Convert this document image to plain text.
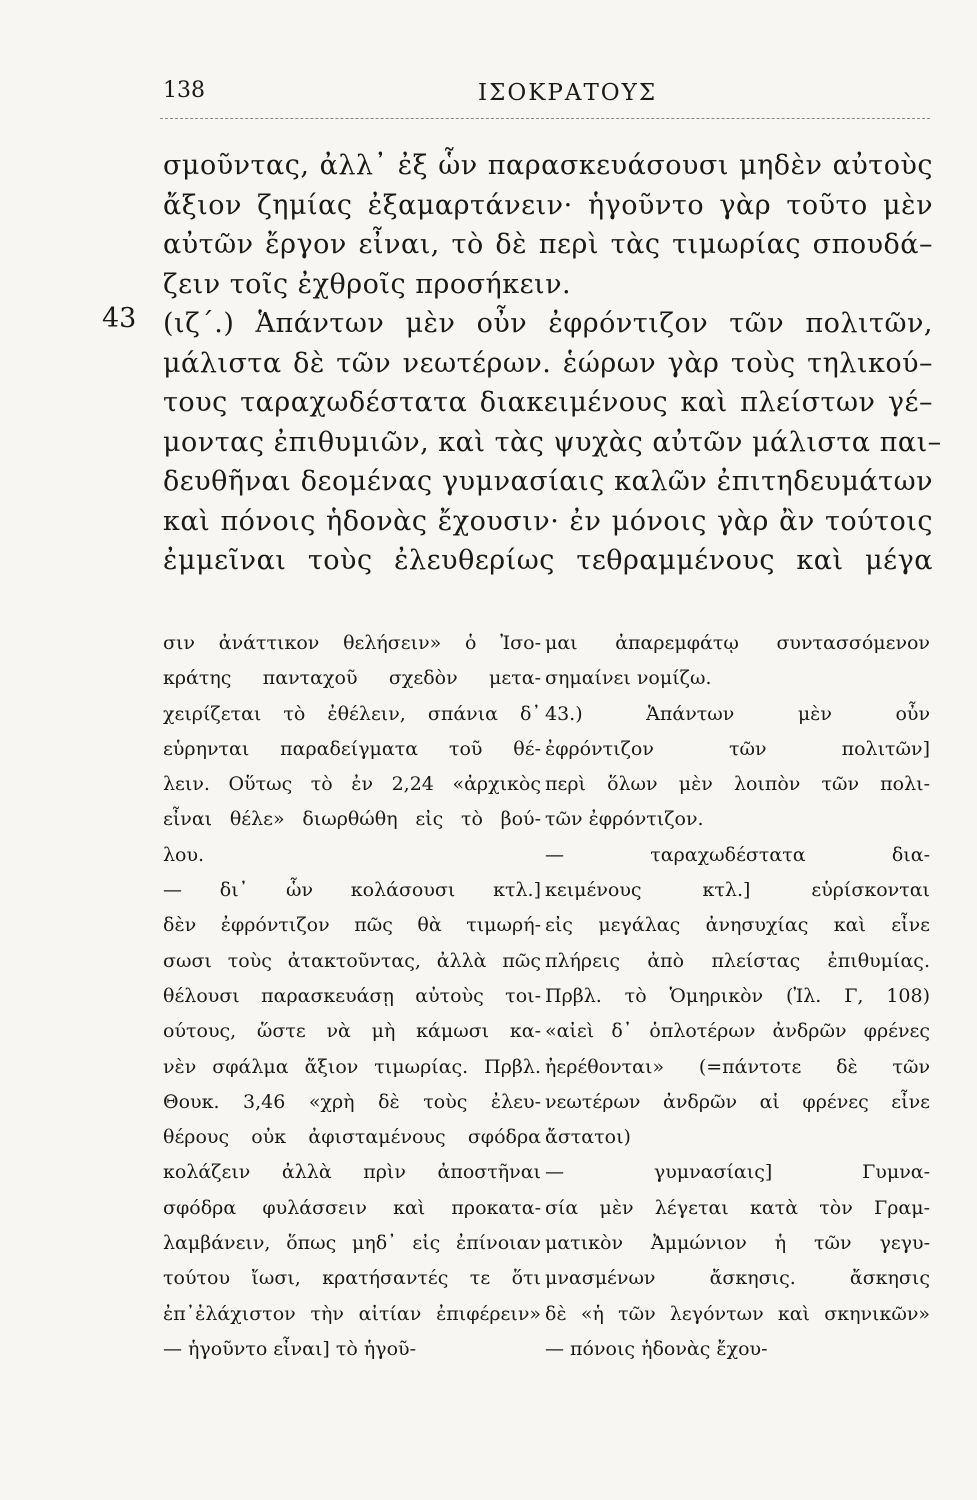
138	ΙΣΟΚΡΑΤΟΥΣ
43
σμοῦντας, ἀλλ᾽ ἐξ ὧν παρασκευάσουσι μηδὲν αὐτοὺς
ἄξιον ζημίας ἐξαμαρτάνειν· ἡγοῦντο γὰρ τοῦτο μὲν
αὐτῶν ἔργον εἶναι, τὸ δὲ περὶ τὰς τιμωρίας σπουδά–
ζειν τοῖς ἐχθροῖς προσήκειν.
(ιζ΄.) Ἁπάντων μὲν οὖν ἐφρόντιζον τῶν πολιτῶν,
μάλιστα δὲ τῶν νεωτέρων. ἑώρων γὰρ τοὺς τηλικού–
τους ταραχωδέστατα διακειμένους καὶ πλείστων γέ–
μοντας ἐπιθυμιῶν, καὶ τὰς ψυχὰς αὐτῶν μάλιστα παι–
δευθῆναι δεομένας γυμνασίαις καλῶν ἐπιτηδευμάτων
καὶ πόνοις ἡδονὰς ἔχουσιν· ἐν μόνοις γὰρ ἂν τούτοις
ἐμμεῖναι τοὺς ἐλευθερίως τεθραμμένους καὶ μέγα
σιν ἀνάττικον θελήσειν» ὁ Ἰσο-
κράτης πανταχοῦ σχεδὸν μετα-
χειρίζεται τὸ ἐθέλειν, σπάνια δ᾽
εὑρηνται παραδείγματα τοῦ θέ-
λειν. Οὕτως τὸ ἐν 2,24 «ἀρχικὸς
εἶναι θέλε» διωρθώθη εἰς τὸ βού-
λου.
— δι᾽ ὧν κολάσουσι κτλ.]
δὲν ἐφρόντιζον πῶς θὰ τιμωρή-
σωσι τοὺς ἀτακτοῦντας, ἀλλὰ πῶς
θέλουσι παρασκευάσῃ αὐτοὺς τοι-
ούτους, ὥστε νὰ μὴ κάμωσι κα-
νὲν σφάλμα ἄξιον τιμωρίας. Πρβλ.
Θουκ. 3,46 «χρὴ δὲ τοὺς ἐλευ-
θέρους οὐκ ἀφισταμένους σφόδρα
κολάζειν ἀλλὰ πρὶν ἀποστῆναι
σφόδρα φυλάσσειν καὶ προκατα-
λαμβάνειν, ὅπως μηδ᾽ εἰς ἐπίνοιαν
τούτου ἴωσι, κρατήσαντές τε ὅτι
ἐπ᾽ἐλάχιστον τὴν αἰτίαν ἐπιφέρειν»
— ἡγοῦντο εἶναι] τὸ ἡγοῦ-
μαι ἀπαρεμφάτῳ συντασσόμενον
σημαίνει νομίζω.
43.) Ἁπάντων μὲν οὖν
ἐφρόντιζον τῶν πολιτῶν]
περὶ ὅλων μὲν λοιπὸν τῶν πολι-
τῶν ἐφρόντιζον.
— ταραχωδέστατα δια-
κειμένους κτλ.] εὑρίσκονται
εἰς μεγάλας ἀνησυχίας καὶ εἶνε
πλήρεις ἀπὸ πλείστας ἐπιθυμίας.
Πρβλ. τὸ Ὁμηρικὸν (Ἰλ. Γ, 108)
«αἰεὶ δ᾽ ὁπλοτέρων ἀνδρῶν φρένες
ἠερέθονται» (=πάντοτε δὲ τῶν
νεωτέρων ἀνδρῶν αἱ φρένες εἶνε
ἄστατοι)
— γυμνασίαις] Γυμνα-
σία μὲν λέγεται κατὰ τὸν Γραμ-
ματικὸν Ἀμμώνιον ἡ τῶν γεγυ-
μνασμένων ἄσκησις. ἄσκησις
δὲ «ἡ τῶν λεγόντων καὶ σκηνικῶν»
— πόνοις ἡδονὰς ἔχου-
